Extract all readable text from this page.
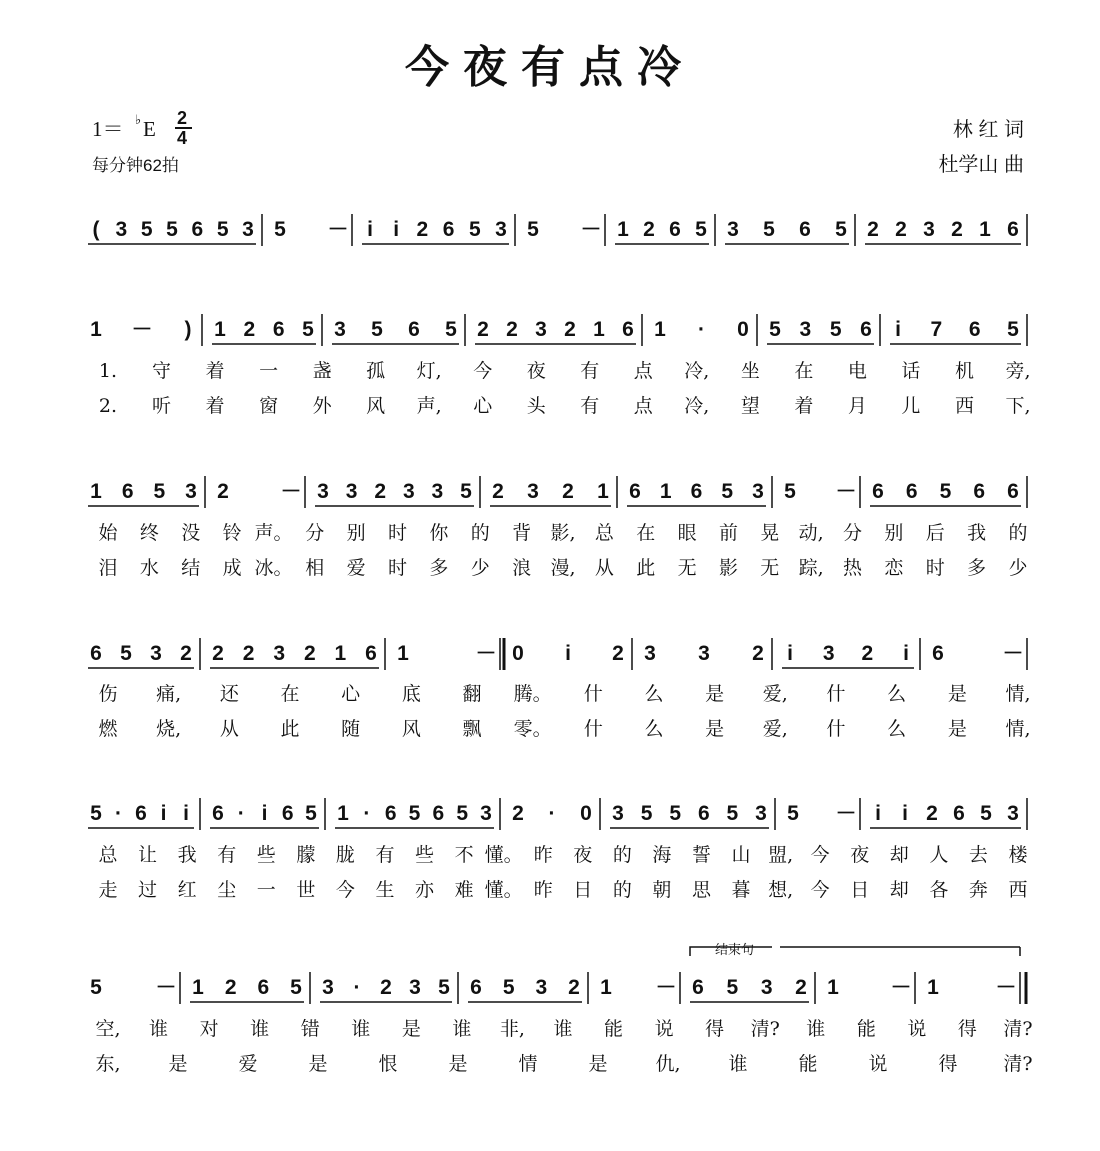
今夜有点冷
1＝ ♭ E 2
4
每分钟62拍
林 红 词
杜学山 曲
结束句
( 3 5 5 6 5 3 5 － i i 2 6 5 3 5 － 1 2 6 5 3 5 6 5 2 2 3 2 1 6
1 － ) 1 2 6 5 3 5 6 5 2 2 3 2 1 6 1 · 0 5 3 5 6 i 7 6 5
1. 守 着 一 盏 孤 灯, 今 夜 有 点 冷, 坐 在 电 话 机 旁,
2. 听 着 窗 外 风 声, 心 头 有 点 冷, 望 着 月 儿 西 下,
1 6 5 3 2 － 3 3 2 3 3 5 2 3 2 1 6 1 6 5 3 5 － 6 6 5 6 6
始 终 没 铃 声。 分 别 时 你 的 背 影, 总 在 眼 前 晃 动, 分 别 后 我 的
泪 水 结 成 冰。 相 爱 时 多 少 浪 漫, 从 此 无 影 无 踪, 热 恋 时 多 少
6 5 3 2 2 2 3 2 1 6 1	－ 0 i 2 3 3 2 i 3 2 i 6	－
伤 痛, 还 在 心 底 翻 腾。 什 么 是 爱, 什 么 是 情,
燃 烧, 从 此 随 风 飘 零。 什 么 是 爱, 什 么 是 情,
5 · 6 i i 6 · i 6 5 1 · 6 5 6 5 3 2 · 0 3 5 5 6 5 3 5 － i i 2 6 5 3
总 让 我 有 些 朦 胧 有 些 不 懂。 昨 夜 的 海 誓 山 盟, 今 夜 却 人 去 楼
走 过 红 尘 一 世 今 生 亦 难 懂。 昨 日 的 朝 思 暮 想, 今 日 却 各 奔 西
5	－ 1 2 6 5 3 · 2 3 5 6 5 3 2 1 － 6 5 3 2 1 － 1	－
空, 谁 对 谁 错 谁 是 谁 非, 谁 能 说 得 清? 谁 能 说 得 清?
东,	是	爱	是	恨	是	情	是	仇,	谁	能	说	得 清?
